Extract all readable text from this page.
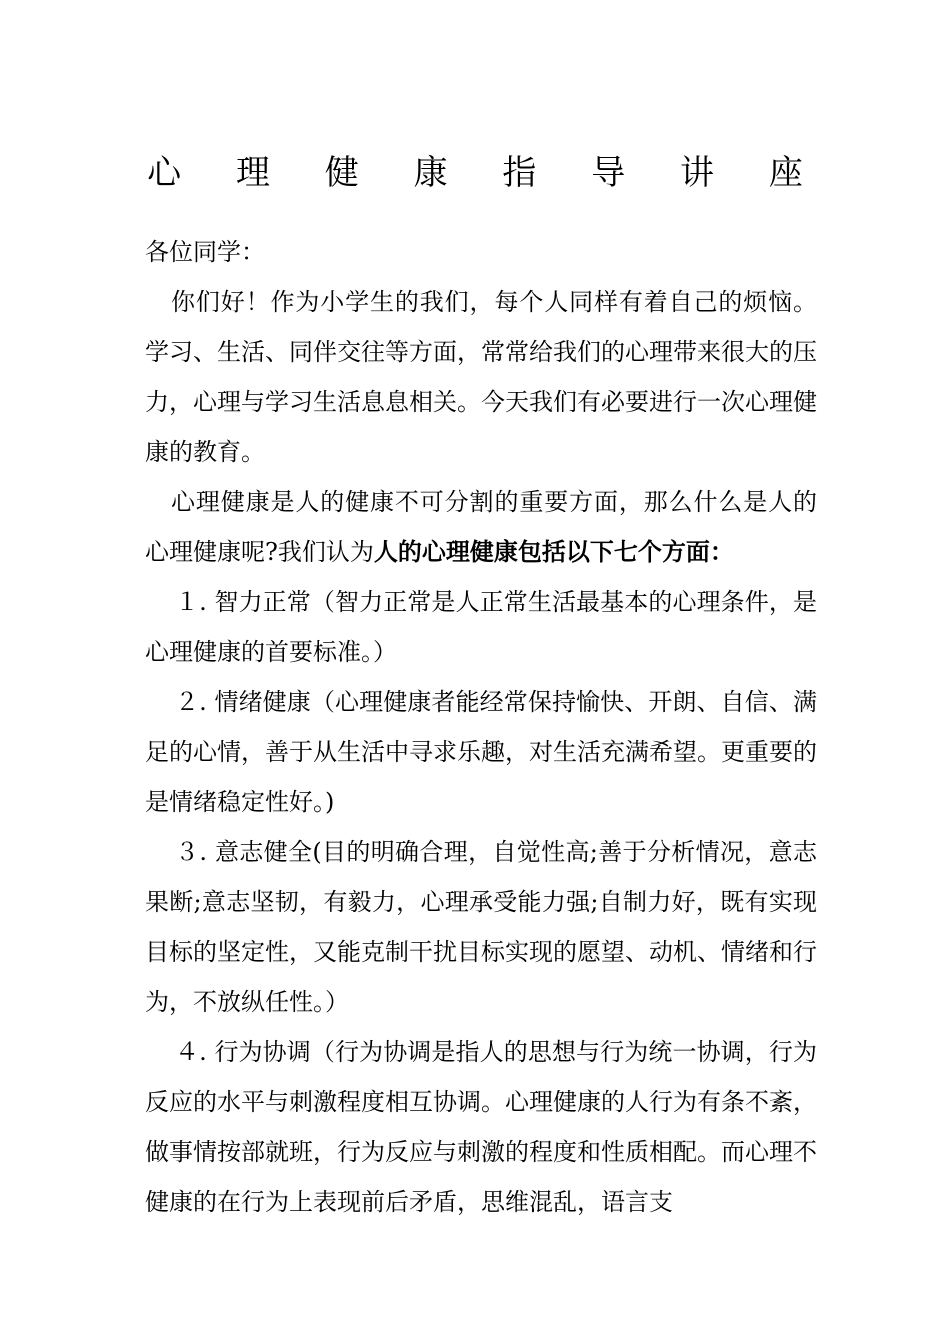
心 理 健 康 指 导 讲 座

各位同学：

你们好！作为小学生的我们，每个人同样有着自己的烦恼。学习、生活、同伴交往等方面，常常给我们的心理带来很大的压力，心理与学习生活息息相关。今天我们有必要进行一次心理健康的教育。

心理健康是人的健康不可分割的重要方面，那么什么是人的心理健康呢?我们认为人的心理健康包括以下七个方面：

１. 智力正常（智力正常是人正常生活最基本的心理条件，是心理健康的首要标准。）

２. 情绪健康（心理健康者能经常保持愉快、开朗、自信、满足的心情，善于从生活中寻求乐趣，对生活充满希望。更重要的是情绪稳定性好。)

３. 意志健全(目的明确合理，自觉性高;善于分析情况，意志果断;意志坚韧，有毅力，心理承受能力强;自制力好，既有实现目标的坚定性，又能克制干扰目标实现的愿望、动机、情绪和行为，不放纵任性。）

４. 行为协调（行为协调是指人的思想与行为统一协调，行为反应的水平与刺激程度相互协调。心理健康的人行为有条不紊，做事情按部就班，行为反应与刺激的程度和性质相配。而心理不健康的在行为上表现前后矛盾，思维混乱，语言支
